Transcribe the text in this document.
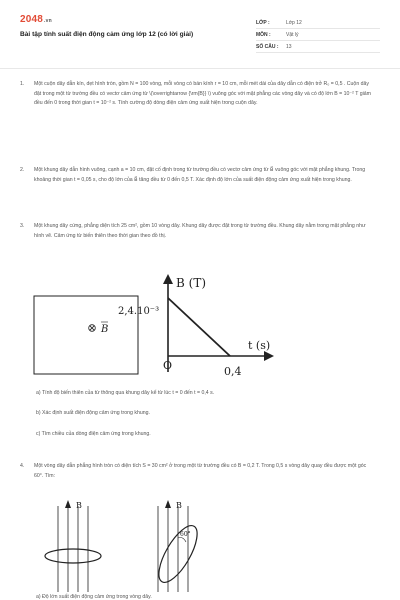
2048.vn
Bài tập tính suất điện động cảm ứng lớp 12 (có lời giải)
LỚP :	Lớp 12
MÔN :	Vật lý
SỐ CÂU :	13
1.	Một cuộn dây dẫn kín, dẹt hình tròn, gồm N = 100 vòng, mỗi vòng có bán kính r = 10 cm, mỗi mét dài của dây dẫn có điện trở R₀ = 0,5 . Cuộn dây đặt trong một từ trường đều có vectơ cảm ứng từ \(\overrightarrow {\rm{B}} \) vuông góc với mặt phẳng các vòng dây và có độ lớn B = 10⁻² T giảm đều đến 0 trong thời gian t = 10⁻² s. Tính cường độ dòng điện cảm ứng xuất hiện trong cuộn dây.
2.	Một khung dây dẫn hình vuông, cạnh a = 10 cm, đặt cố định trong từ trường đều có vectơ cảm ứng từ B⃗ vuông góc với mặt phẳng khung. Trong khoảng thời gian t = 0,05 s, cho độ lớn của B⃗ tăng đều từ 0 đến 0,5 T. Xác định độ lớn của suất điện động cảm ứng xuất hiện trong khung.
3.	Một khung dây cứng, phẳng diện tích 25 cm², gồm 10 vòng dây. Khung dây được đặt trong từ trường đều. Khung dây nằm trong mặt phẳng như hình vẽ. Cảm ứng từ biến thiên theo thời gian theo đồ thị.
B
B (T)
2,4.10⁻³
t (s)
0,4
O
a) Tính độ biến thiên của từ thông qua khung dây kể từ lúc t = 0 đến t = 0,4 s.
b) Xác định suất điện động cảm ứng trong khung.
c) Tìm chiều của dòng điện cảm ứng trong khung.
4.	Một vòng dây dẫn phẳng hình tròn có diện tích S = 30 cm² ở trong một từ trường đều có B = 0,2 T. Trong 0,5 s vòng dây quay đều được một góc 60°. Tìm:
B	B
60°
a) Độ lớn suất điện động cảm ứng trong vòng dây.
